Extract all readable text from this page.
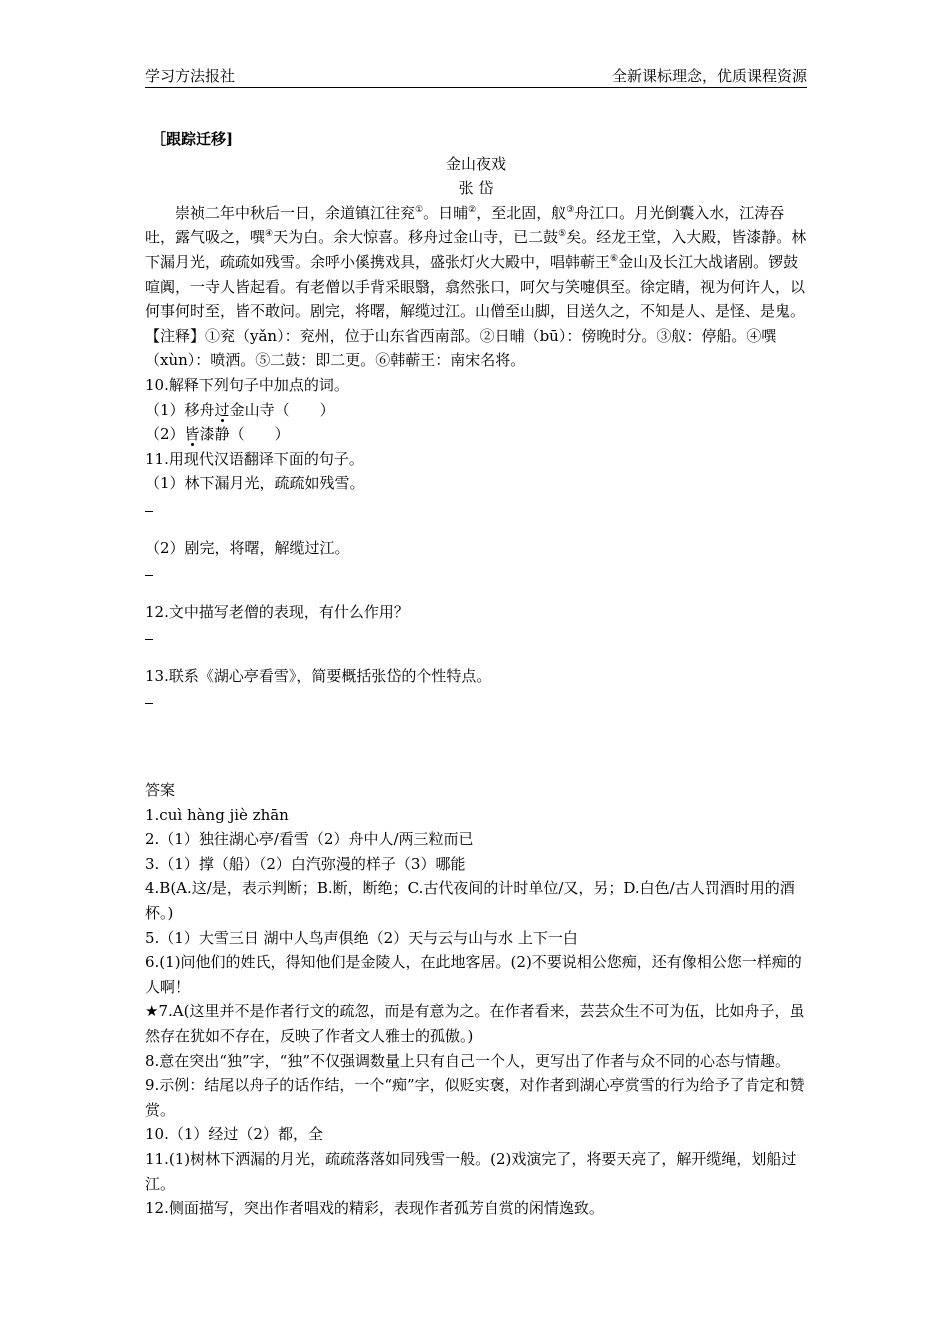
学习方法报社	全新课标理念，优质课程资源

［跟踪迁移]

金山夜戏

张 岱

崇祯二年中秋后一日，余道镇江往兖①。日晡②，至北固，舣③舟江口。月光倒囊入水，江涛吞吐，露气吸之，噀④天为白。余大惊喜。移舟过金山寺，已二鼓⑤矣。经龙王堂，入大殿，皆漆静。林下漏月光，疏疏如残雪。余呼小傒携戏具，盛张灯火大殿中，唱韩蕲王⑥金山及长江大战诸剧。锣鼓喧阗，一寺人皆起看。有老僧以手背采眼翳，翕然张口，呵欠与笑嚏俱至。徐定睛，视为何许人，以何事何时至，皆不敢问。剧完，将曙，解缆过江。山僧至山脚，目送久之，不知是人、是怪、是鬼。

【注释】①兖（yǎn）：兖州，位于山东省西南部。②日晡（bū）：傍晚时分。③舣：停船。④噀（xùn）：喷洒。⑤二鼓：即二更。⑥韩蕲王：南宋名将。

10.解释下列句子中加点的词。

（1）移舟过金山寺（　　）

（2）皆漆静（　　）

11.用现代汉语翻译下面的句子。

（1）林下漏月光，疏疏如残雪。

（2）剧完，将曙，解缆过江。

12.文中描写老僧的表现，有什么作用？

13.联系《湖心亭看雪》，简要概括张岱的个性特点。

答案

1.cuì hàng jiè zhān

2.（1）独往湖心亭/看雪（2）舟中人/两三粒而已

3.（1）撑（船）（2）白汽弥漫的样子（3）哪能

4.B(A.这/是，表示判断；B.断，断绝；C.古代夜间的计时单位/又，另；D.白色/古人罚酒时用的酒杯。)

5.（1）大雪三日 湖中人鸟声俱绝（2）天与云与山与水 上下一白

6.(1)问他们的姓氏，得知他们是金陵人，在此地客居。(2)不要说相公您痴，还有像相公您一样痴的人啊！

★7.A(这里并不是作者行文的疏忽，而是有意为之。在作者看来，芸芸众生不可为伍，比如舟子，虽然存在犹如不存在，反映了作者文人雅士的孤傲。)

8.意在突出“独”字，“独”不仅强调数量上只有自己一个人，更写出了作者与众不同的心态与情趣。

9.示例：结尾以舟子的话作结，一个“痴”字，似贬实褒，对作者到湖心亭赏雪的行为给予了肯定和赞赏。

10.（1）经过（2）都，全

11.(1)树林下洒漏的月光，疏疏落落如同残雪一般。(2)戏演完了，将要天亮了，解开缆绳，划船过江。

12.侧面描写，突出作者唱戏的精彩，表现作者孤芳自赏的闲情逸致。
